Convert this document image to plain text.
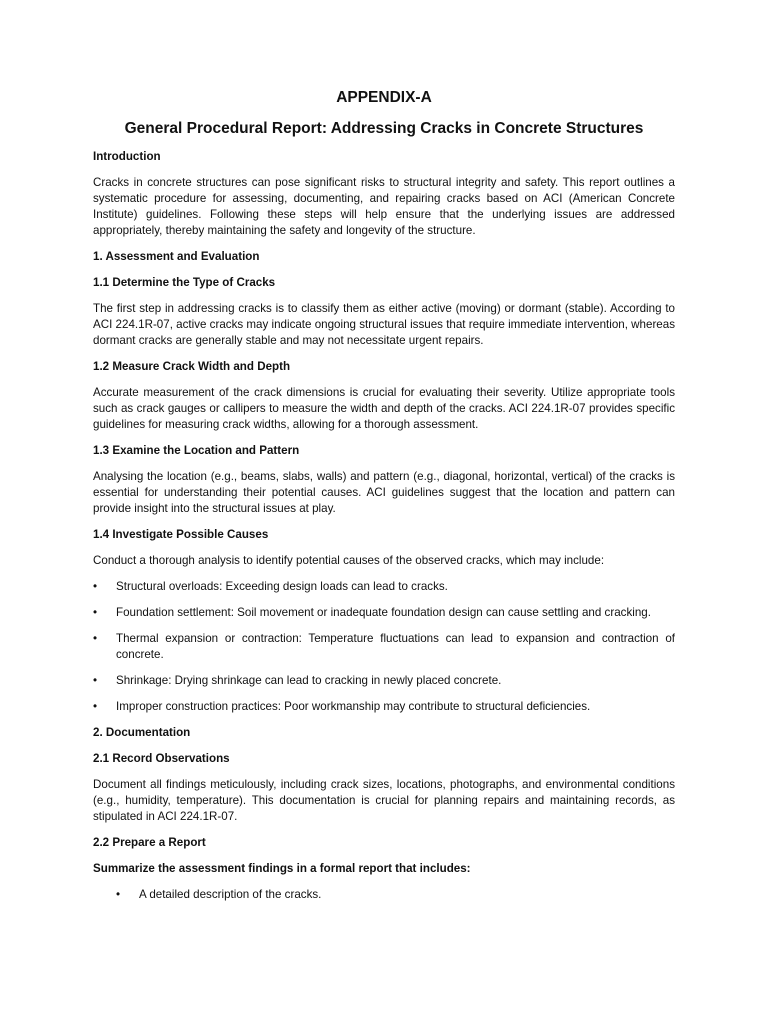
APPENDIX-A
General Procedural Report: Addressing Cracks in Concrete Structures
Introduction
Cracks in concrete structures can pose significant risks to structural integrity and safety. This report outlines a systematic procedure for assessing, documenting, and repairing cracks based on ACI (American Concrete Institute) guidelines. Following these steps will help ensure that the underlying issues are addressed appropriately, thereby maintaining the safety and longevity of the structure.
1. Assessment and Evaluation
1.1 Determine the Type of Cracks
The first step in addressing cracks is to classify them as either active (moving) or dormant (stable). According to ACI 224.1R-07, active cracks may indicate ongoing structural issues that require immediate intervention, whereas dormant cracks are generally stable and may not necessitate urgent repairs.
1.2 Measure Crack Width and Depth
Accurate measurement of the crack dimensions is crucial for evaluating their severity. Utilize appropriate tools such as crack gauges or callipers to measure the width and depth of the cracks. ACI 224.1R-07 provides specific guidelines for measuring crack widths, allowing for a thorough assessment.
1.3 Examine the Location and Pattern
Analysing the location (e.g., beams, slabs, walls) and pattern (e.g., diagonal, horizontal, vertical) of the cracks is essential for understanding their potential causes. ACI guidelines suggest that the location and pattern can provide insight into the structural issues at play.
1.4 Investigate Possible Causes
Conduct a thorough analysis to identify potential causes of the observed cracks, which may include:
•	Structural overloads: Exceeding design loads can lead to cracks.
•	Foundation settlement: Soil movement or inadequate foundation design can cause settling and cracking.
•	Thermal expansion or contraction: Temperature fluctuations can lead to expansion and contraction of concrete.
•	Shrinkage: Drying shrinkage can lead to cracking in newly placed concrete.
•	Improper construction practices: Poor workmanship may contribute to structural deficiencies.
2. Documentation
2.1 Record Observations
Document all findings meticulously, including crack sizes, locations, photographs, and environmental conditions (e.g., humidity, temperature). This documentation is crucial for planning repairs and maintaining records, as stipulated in ACI 224.1R-07.
2.2 Prepare a Report
Summarize the assessment findings in a formal report that includes:
•	A detailed description of the cracks.
